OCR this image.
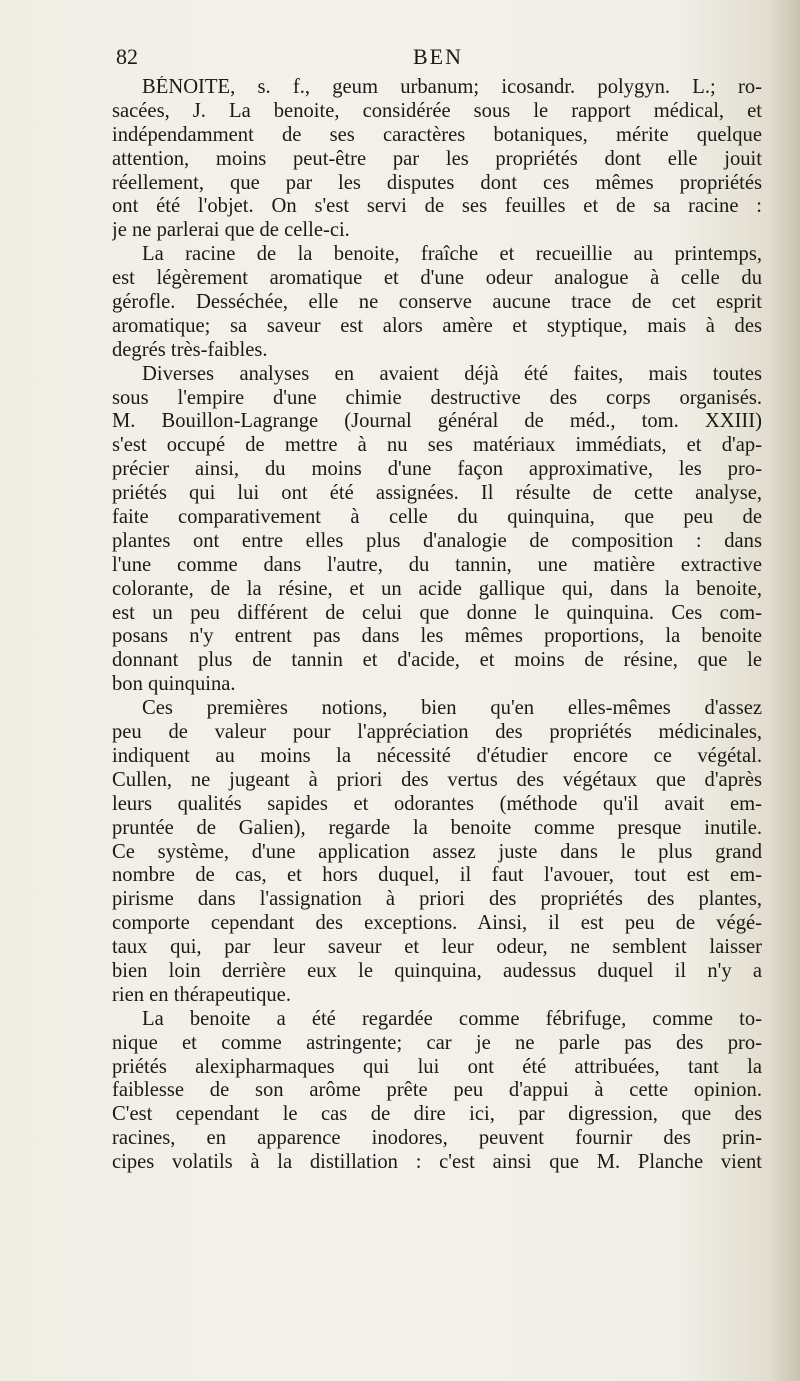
82	BEN
BÉNOITE, s. f., geum urbanum; icosandr. polygyn. L.; ro-
sacées, J. La benoite, considérée sous le rapport médical, et
indépendamment de ses caractères botaniques, mérite quelque
attention, moins peut-être par les propriétés dont elle jouit
réellement, que par les disputes dont ces mêmes propriétés
ont été l'objet. On s'est servi de ses feuilles et de sa racine :
je ne parlerai que de celle-ci.
La racine de la benoite, fraîche et recueillie au printemps,
est légèrement aromatique et d'une odeur analogue à celle du
gérofle. Desséchée, elle ne conserve aucune trace de cet esprit
aromatique; sa saveur est alors amère et styptique, mais à des
degrés très-faibles.
Diverses analyses en avaient déjà été faites, mais toutes
sous l'empire d'une chimie destructive des corps organisés.
M. Bouillon-Lagrange (Journal général de méd., tom. XXIII)
s'est occupé de mettre à nu ses matériaux immédiats, et d'ap-
précier ainsi, du moins d'une façon approximative, les pro-
priétés qui lui ont été assignées. Il résulte de cette analyse,
faite comparativement à celle du quinquina, que peu de
plantes ont entre elles plus d'analogie de composition : dans
l'une comme dans l'autre, du tannin, une matière extractive
colorante, de la résine, et un acide gallique qui, dans la benoite,
est un peu différent de celui que donne le quinquina. Ces com-
posans n'y entrent pas dans les mêmes proportions, la benoite
donnant plus de tannin et d'acide, et moins de résine, que le
bon quinquina.
Ces premières notions, bien qu'en elles-mêmes d'assez
peu de valeur pour l'appréciation des propriétés médicinales,
indiquent au moins la nécessité d'étudier encore ce végétal.
Cullen, ne jugeant à priori des vertus des végétaux que d'après
leurs qualités sapides et odorantes (méthode qu'il avait em-
pruntée de Galien), regarde la benoite comme presque inutile.
Ce système, d'une application assez juste dans le plus grand
nombre de cas, et hors duquel, il faut l'avouer, tout est em-
pirisme dans l'assignation à priori des propriétés des plantes,
comporte cependant des exceptions. Ainsi, il est peu de végé-
taux qui, par leur saveur et leur odeur, ne semblent laisser
bien loin derrière eux le quinquina, audessus duquel il n'y a
rien en thérapeutique.
La benoite a été regardée comme fébrifuge, comme to-
nique et comme astringente; car je ne parle pas des pro-
priétés alexipharmaques qui lui ont été attribuées, tant la
faiblesse de son arôme prête peu d'appui à cette opinion.
C'est cependant le cas de dire ici, par digression, que des
racines, en apparence inodores, peuvent fournir des prin-
cipes volatils à la distillation : c'est ainsi que M. Planche vient
